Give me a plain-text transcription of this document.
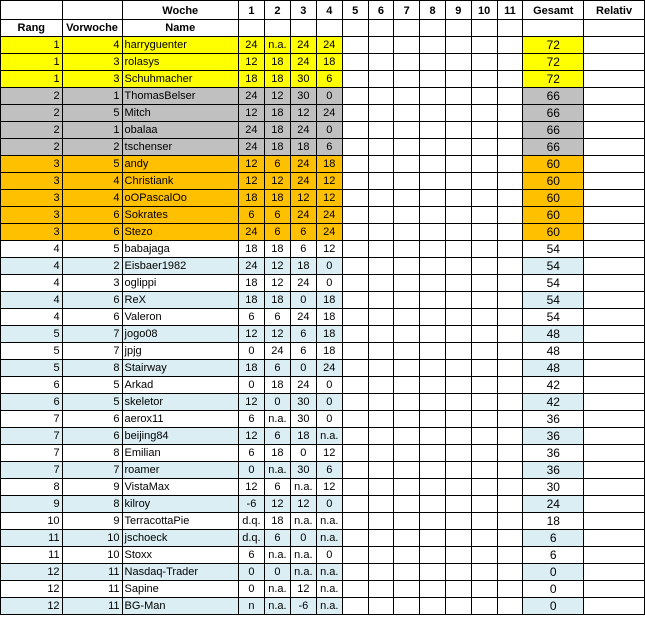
		Woche	1	2	3	4	5	6	7	8	9	10	11	Gesamt	Relativ
Rang	Vorwoche	Name													
1	4	harryguenter	24	n.a.	24	24								72	
1	3	rolasys	12	18	24	18								72	
1	3	Schuhmacher	18	18	30	6								72	
2	1	ThomasBelser	24	12	30	0								66	
2	5	Mitch	12	18	12	24								66	
2	1	obalaa	24	18	24	0								66	
2	2	tschenser	24	18	18	6								66	
3	5	andy	12	6	24	18								60	
3	4	Christiank	12	12	24	12								60	
3	4	oOPascalOo	18	18	12	12								60	
3	6	Sokrates	6	6	24	24								60	
3	6	Stezo	24	6	6	24								60	
4	5	babajaga	18	18	6	12								54	
4	2	Eisbaer1982	24	12	18	0								54	
4	3	oglippi	18	12	24	0								54	
4	6	ReX	18	18	0	18								54	
4	6	Valeron	6	6	24	18								54	
5	7	jogo08	12	12	6	18								48	
5	7	jpjg	0	24	6	18								48	
5	8	Stairway	18	6	0	24								48	
6	5	Arkad	0	18	24	0								42	
6	5	skeletor	12	0	30	0								42	
7	6	aerox11	6	n.a.	30	0								36	
7	6	beijing84	12	6	18	n.a.								36	
7	8	Emilian	6	18	0	12								36	
7	7	roamer	0	n.a.	30	6								36	
8	9	VistaMax	12	6	n.a.	12								30	
9	8	kilroy	-6	12	12	0								24	
10	9	TerracottaPie	d.q.	18	n.a.	n.a.								18	
11	10	jschoeck	d.q.	6	0	n.a.								6	
11	10	Stoxx	6	n.a.	n.a.	0								6	
12	11	Nasdaq-Trader	0	0	n.a.	n.a.								0	
12	11	Sapine	0	n.a.	12	n.a.								0	
12	11	BG-Man	n	n.a.	-6	n.a.								0	
